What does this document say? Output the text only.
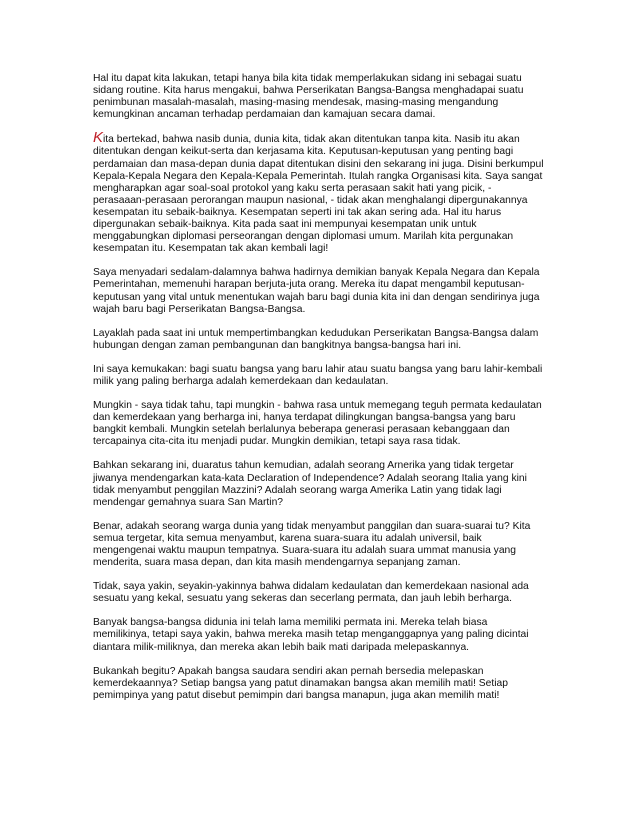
Hal itu dapat kita lakukan, tetapi hanya bila kita tidak memperlakukan sidang ini sebagai suatu sidang routine. Kita harus mengakui, bahwa Perserikatan Bangsa-Bangsa menghadapai suatu penimbunan masalah-masalah, masing-masing mendesak, masing-masing mengandung kemungkinan ancaman terhadap perdamaian dan kamajuan secara damai.

Kita bertekad, bahwa nasib dunia, dunia kita, tidak akan ditentukan tanpa kita. Nasib itu akan ditentukan dengan keikut-serta dan kerjasama kita. Keputusan-keputusan yang penting bagi perdamaian dan masa-depan dunia dapat ditentukan disini den sekarang ini juga. Disini berkumpul Kepala-Kepala Negara den Kepala-Kepala Pemerintah. Itulah rangka Organisasi kita. Saya sangat mengharapkan agar soal-soal protokol yang kaku serta perasaan sakit hati yang picik, - perasaaan-perasaan perorangan maupun nasional, - tidak akan menghalangi dipergunakannya kesempatan itu sebaik-baiknya. Kesempatan seperti ini tak akan sering ada. Hal itu harus dipergunakan sebaik-baiknya. Kita pada saat ini mempunyai kesempatan unik untuk menggabungkan diplomasi perseorangan dengan diplomasi umum. Marilah kita pergunakan kesempatan itu. Kesempatan tak akan kembali lagi!

Saya menyadari sedalam-dalamnya bahwa hadirnya demikian banyak Kepala Negara dan Kepala Pemerintahan, memenuhi harapan berjuta-juta orang. Mereka itu dapat mengambil keputusan-keputusan yang vital untuk menentukan wajah baru bagi dunia kita ini dan dengan sendirinya juga wajah baru bagi Perserikatan Bangsa-Bangsa.

Layaklah pada saat ini untuk mempertimbangkan kedudukan Perserikatan Bangsa-Bangsa dalam hubungan dengan zaman pembangunan dan bangkitnya bangsa-bangsa hari ini.

Ini saya kemukakan: bagi suatu bangsa yang baru lahir atau suatu bangsa yang baru lahir-kembali milik yang paling berharga adalah kemerdekaan dan kedaulatan.

Mungkin - saya tidak tahu, tapi mungkin - bahwa rasa untuk memegang teguh permata kedaulatan dan kemerdekaan yang berharga ini, hanya terdapat dilingkungan bangsa-bangsa yang baru bangkit kembali. Mungkin setelah berlalunya beberapa generasi perasaan kebanggaan dan tercapainya cita-cita itu menjadi pudar. Mungkin demikian, tetapi saya rasa tidak.

Bahkan sekarang ini, duaratus tahun kemudian, adalah seorang Arnerika yang tidak tergetar jiwanya mendengarkan kata-kata Declaration of Independence? Adalah seorang Italia yang kini tidak menyambut penggilan Mazzini? Adalah seorang warga Amerika Latin yang tidak lagi mendengar gemahnya suara San Martin?

Benar, adakah seorang warga dunia yang tidak menyambut panggilan dan suara-suarai tu? Kita semua tergetar, kita semua menyambut, karena suara-suara itu adalah universil, baik mengengenai waktu maupun tempatnya. Suara-suara itu adalah suara ummat manusia yang menderita, suara masa depan, dan kita masih mendengarnya sepanjang zaman.

Tidak, saya yakin, seyakin-yakinnya bahwa didalam kedaulatan dan kemerdekaan nasional ada sesuatu yang kekal, sesuatu yang sekeras dan secerlang permata, dan jauh lebih berharga.

Banyak bangsa-bangsa didunia ini telah lama memiliki permata ini. Mereka telah biasa memilikinya, tetapi saya yakin, bahwa mereka masih tetap menganggapnya yang paling dicintai diantara milik-miliknya, dan mereka akan lebih baik mati daripada melepaskannya.

Bukankah begitu? Apakah bangsa saudara sendiri akan pernah bersedia melepaskan kemerdekaannya? Setiap bangsa yang patut dinamakan bangsa akan memilih mati! Setiap pemimpinya yang patut disebut pemimpin dari bangsa manapun, juga akan memilih mati!
